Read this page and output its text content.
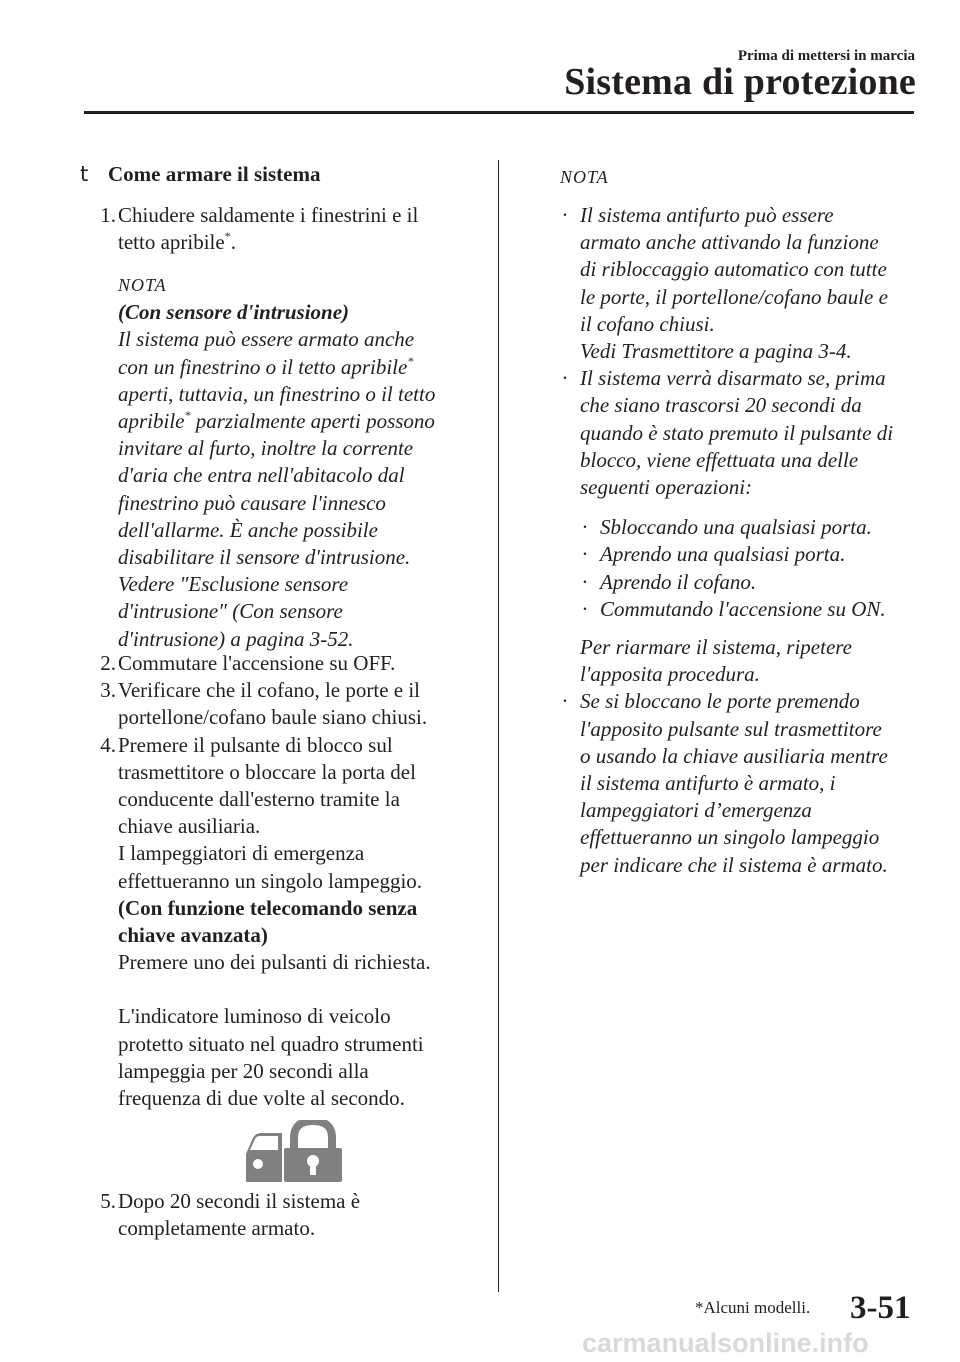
Prima di mettersi in marcia
Sistema di protezione
t Come armare il sistema
1. Chiudere saldamente i finestrini e il
tetto apribile*.
NOTA
(Con sensore d'intrusione)
Il sistema può essere armato anche
con un finestrino o il tetto apribile*
aperti, tuttavia, un finestrino o il tetto
apribile* parzialmente aperti possono
invitare al furto, inoltre la corrente
d'aria che entra nell'abitacolo dal
finestrino può causare l'innesco
dell'allarme. È anche possibile
disabilitare il sensore d'intrusione.
Vedere "Esclusione sensore
d'intrusione" (Con sensore
d'intrusione) a pagina 3-52.
2. Commutare l'accensione su OFF.
3. Verificare che il cofano, le porte e il
portellone/cofano baule siano chiusi.
4. Premere il pulsante di blocco sul
trasmettitore o bloccare la porta del
conducente dall'esterno tramite la
chiave ausiliaria.
I lampeggiatori di emergenza
effettueranno un singolo lampeggio.
(Con funzione telecomando senza
chiave avanzata)
Premere uno dei pulsanti di richiesta.
L'indicatore luminoso di veicolo
protetto situato nel quadro strumenti
lampeggia per 20 secondi alla
frequenza di due volte al secondo.
5. Dopo 20 secondi il sistema è
completamente armato.
NOTA
· Il sistema antifurto può essere
armato anche attivando la funzione
di ribloccaggio automatico con tutte
le porte, il portellone/cofano baule e
il cofano chiusi.
Vedi Trasmettitore a pagina 3-4.
· Il sistema verrà disarmato se, prima
che siano trascorsi 20 secondi da
quando è stato premuto il pulsante di
blocco, viene effettuata una delle
seguenti operazioni:
· Sbloccando una qualsiasi porta.
· Aprendo una qualsiasi porta.
· Aprendo il cofano.
· Commutando l'accensione su ON.
Per riarmare il sistema, ripetere
l'apposita procedura.
· Se si bloccano le porte premendo
l'apposito pulsante sul trasmettitore
o usando la chiave ausiliaria mentre
il sistema antifurto è armato, i
lampeggiatori d’emergenza
effettueranno un singolo lampeggio
per indicare che il sistema è armato.
*Alcuni modelli. 3-51
carmanualsonline.info
